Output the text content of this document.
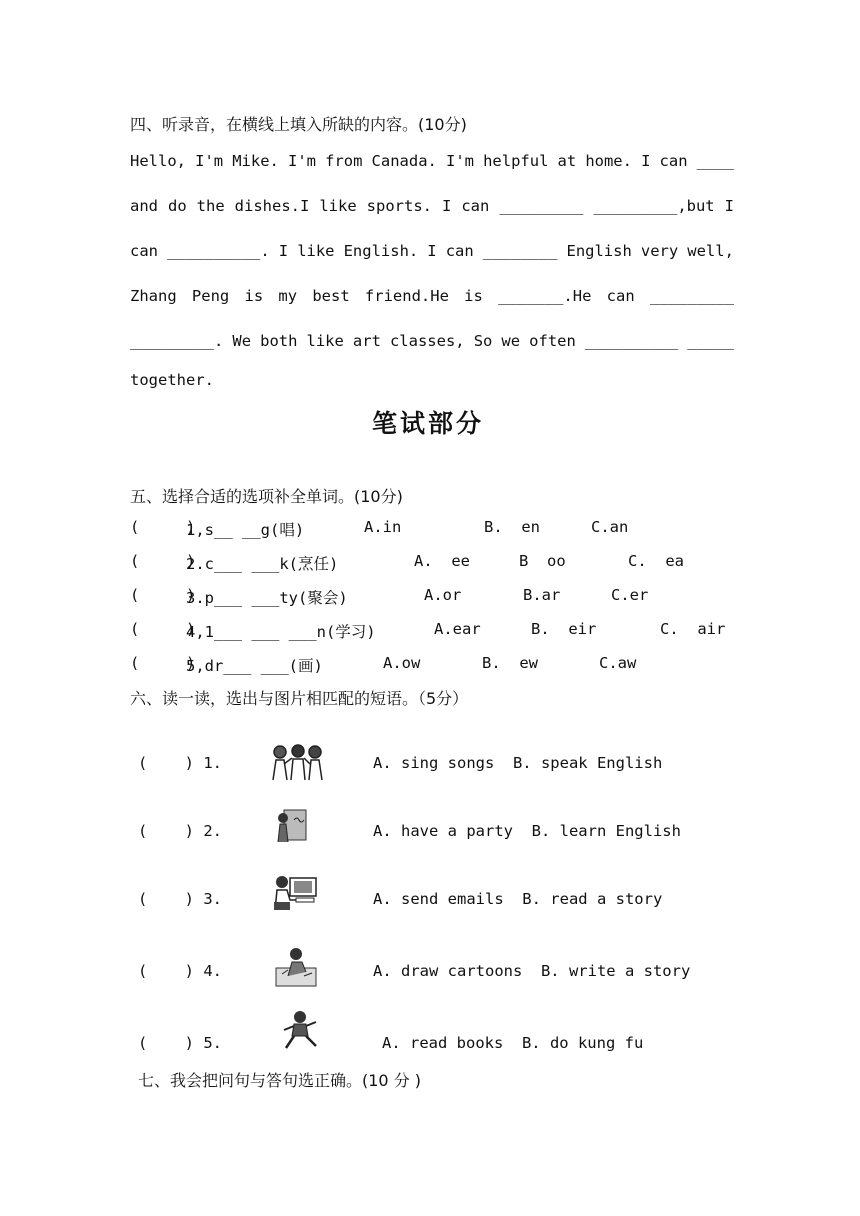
四、听录音，在横线上填入所缺的内容。(10分)
Hello, I'm Mike. I'm from Canada. I'm helpful at home. I can ____
and do the dishes.I like sports. I can _________ _________,but I
can __________. I like English. I can ________ English very well,
Zhang Peng is my best friend.He is _______.He can _________
_________. We both like art classes, So we often __________ _____
together.
笔试部分
五、选择合适的选项补全单词。(10分)
(     )
1,s__ __g(唱)	A.in	B.  en	C.an
(     )
2.c___ ___k(烹任)	A.  ee	B  oo	C.  ea
(     )
3.p___ ___ty(聚会)	A.or	B.ar	C.er
(     )
4,1___ ___ ___n(学习)	A.ear	B.  eir	C.  air
(     )
5,dr___ ___(画)	A.ow	B.  ew	C.aw
六、读一读，选出与图片相匹配的短语。（5分）
(    ) 1.	A. sing songs  B. speak English
(    ) 2.	A. have a party  B. learn English
(    ) 3.	A. send emails  B. read a story
(    ) 4.	A. draw cartoons  B. write a story
(    ) 5.	A. read books  B. do kung fu
七、我会把问句与答句选正确。(10 分 )
